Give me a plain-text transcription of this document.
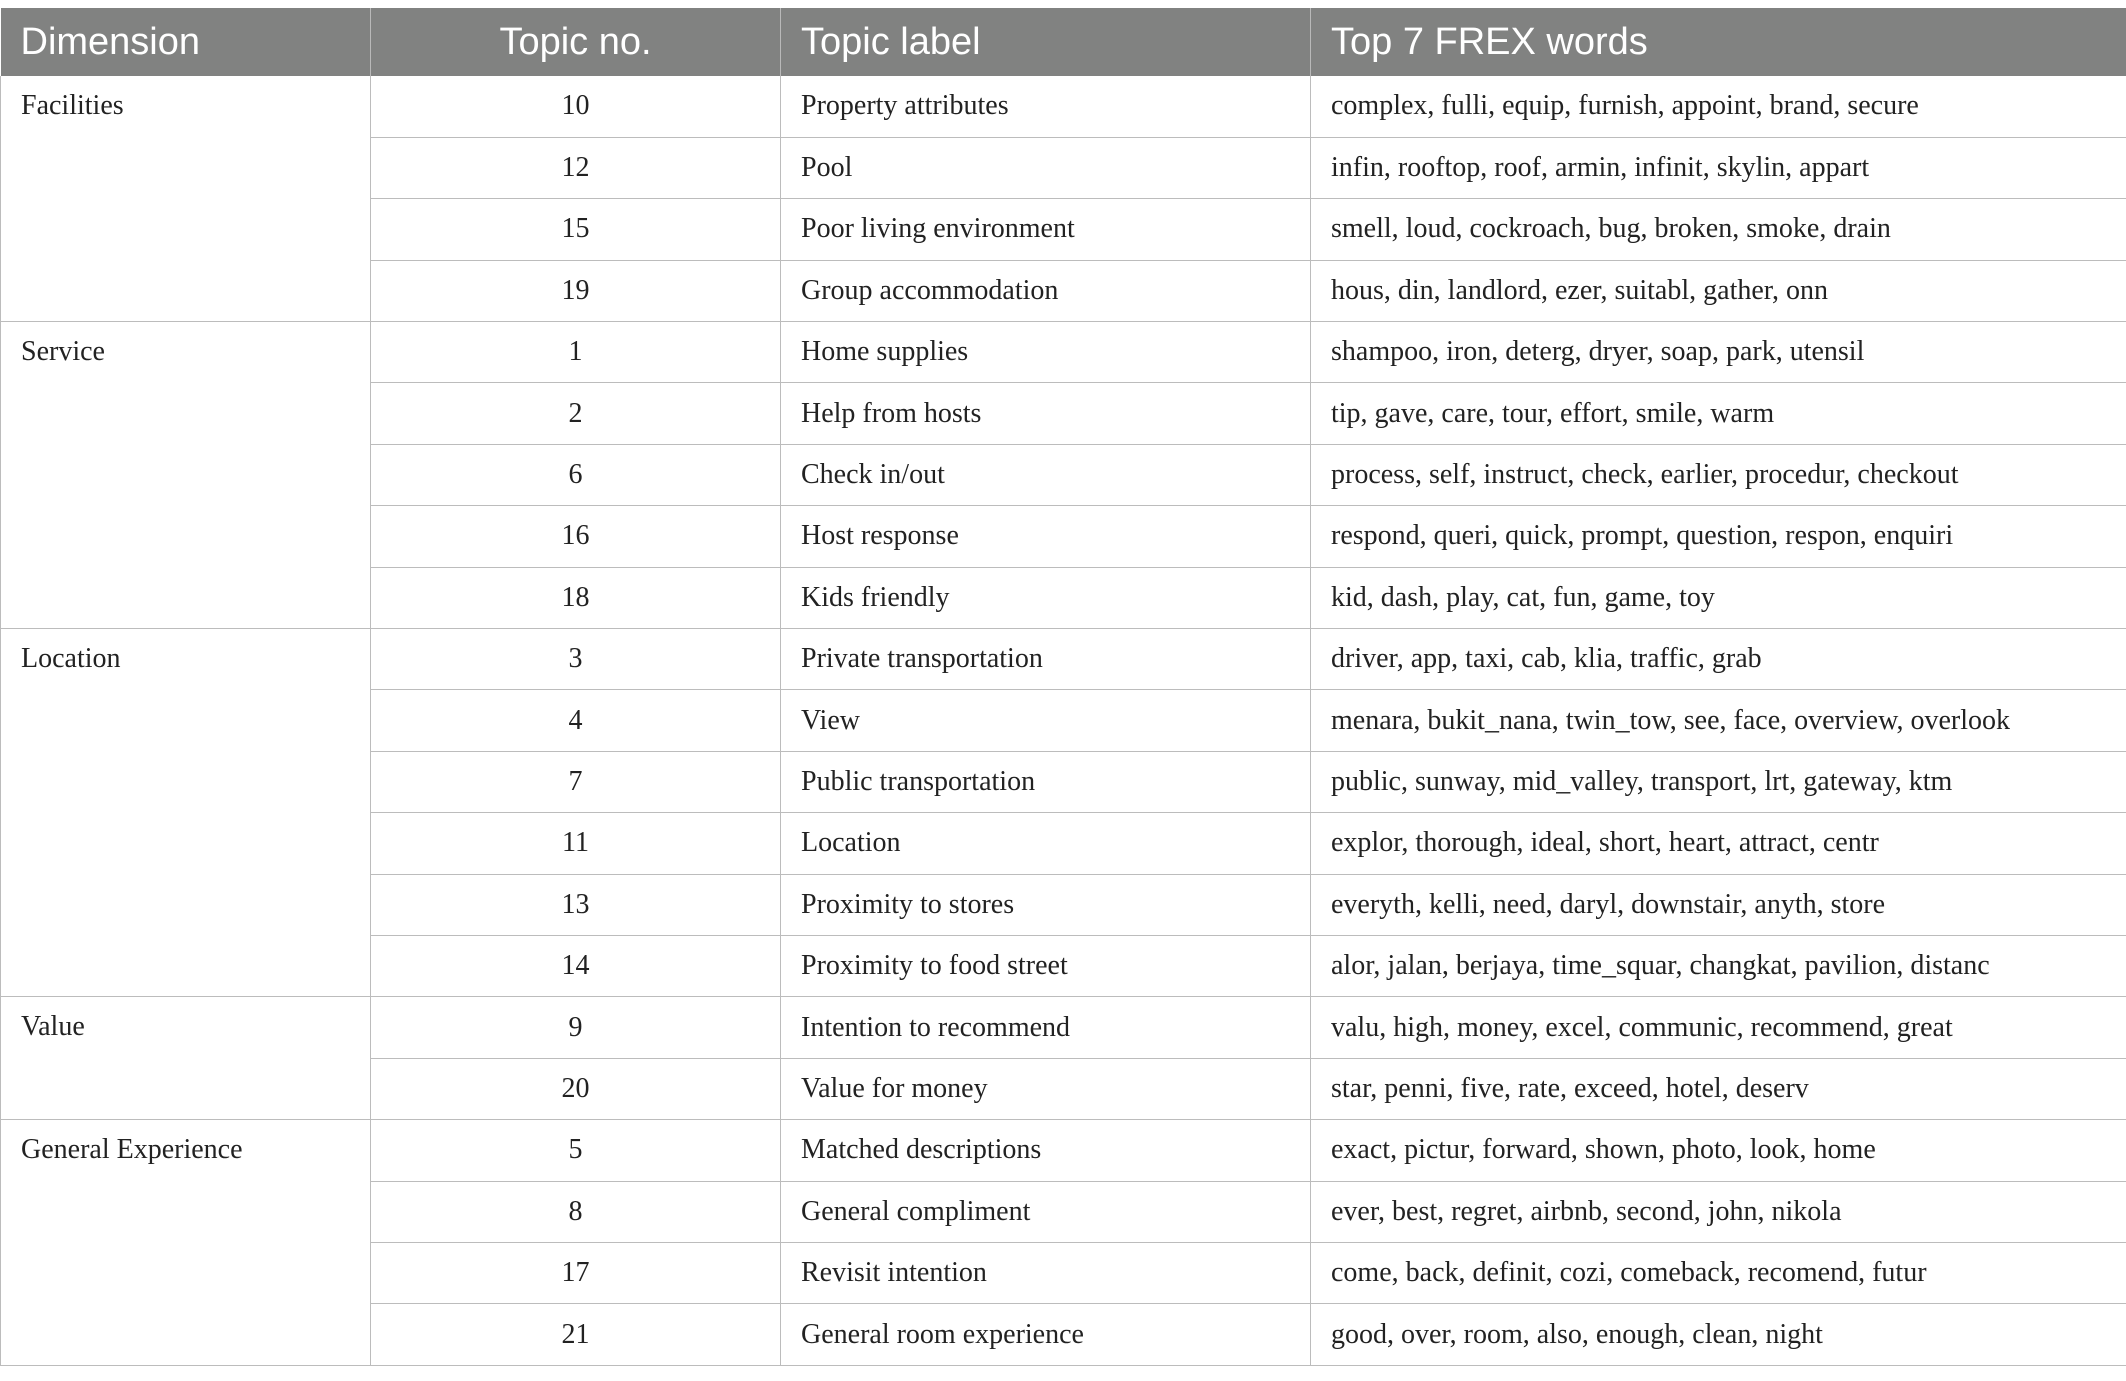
Dimension	Topic no.	Topic label	Top 7 FREX words
Facilities	10	Property attributes	complex, fulli, equip, furnish, appoint, brand, secure
	12	Pool	infin, rooftop, roof, armin, infinit, skylin, appart
	15	Poor living environment	smell, loud, cockroach, bug, broken, smoke, drain
	19	Group accommodation	hous, din, landlord, ezer, suitabl, gather, onn
Service	1	Home supplies	shampoo, iron, deterg, dryer, soap, park, utensil
	2	Help from hosts	tip, gave, care, tour, effort, smile, warm
	6	Check in/out	process, self, instruct, check, earlier, procedur, checkout
	16	Host response	respond, queri, quick, prompt, question, respon, enquiri
	18	Kids friendly	kid, dash, play, cat, fun, game, toy
Location	3	Private transportation	driver, app, taxi, cab, klia, traffic, grab
	4	View	menara, bukit_nana, twin_tow, see, face, overview, overlook
	7	Public transportation	public, sunway, mid_valley, transport, lrt, gateway, ktm
	11	Location	explor, thorough, ideal, short, heart, attract, centr
	13	Proximity to stores	everyth, kelli, need, daryl, downstair, anyth, store
	14	Proximity to food street	alor, jalan, berjaya, time_squar, changkat, pavilion, distanc
Value	9	Intention to recommend	valu, high, money, excel, communic, recommend, great
	20	Value for money	star, penni, five, rate, exceed, hotel, deserv
General Experience	5	Matched descriptions	exact, pictur, forward, shown, photo, look, home
	8	General compliment	ever, best, regret, airbnb, second, john, nikola
	17	Revisit intention	come, back, definit, cozi, comeback, recomend, futur
	21	General room experience	good, over, room, also, enough, clean, night
